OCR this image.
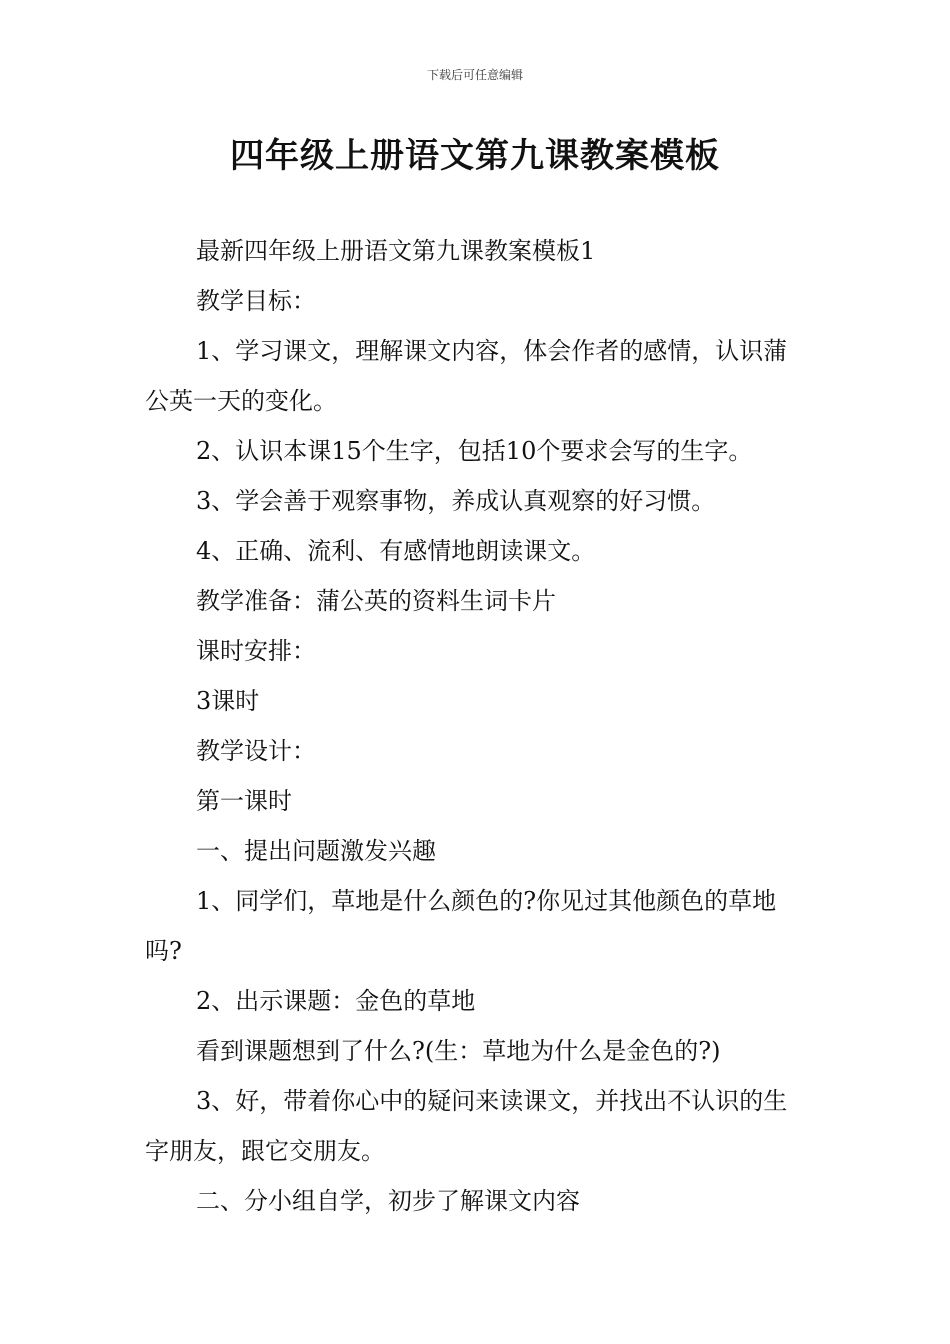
下载后可任意编辑
四年级上册语文第九课教案模板

最新四年级上册语文第九课教案模板1

教学目标：

1、学习课文，理解课文内容，体会作者的感情，认识蒲公英一天的变化。

2、认识本课15个生字，包括10个要求会写的生字。

3、学会善于观察事物，养成认真观察的好习惯。

4、正确、流利、有感情地朗读课文。

教学准备：蒲公英的资料生词卡片

课时安排：

3课时

教学设计：

第一课时

一、提出问题激发兴趣

1、同学们，草地是什么颜色的?你见过其他颜色的草地吗?

2、出示课题：金色的草地

看到课题想到了什么?(生：草地为什么是金色的?)

3、好，带着你心中的疑问来读课文，并找出不认识的生字朋友，跟它交朋友。

二、分小组自学，初步了解课文内容
